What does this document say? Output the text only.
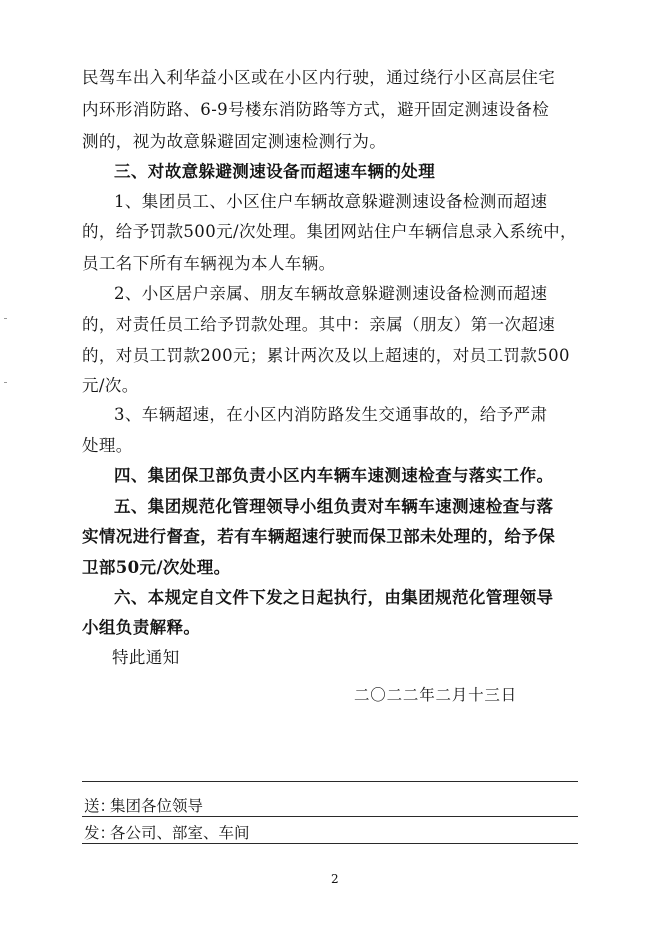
民驾车出入利华益小区或在小区内行驶，通过绕行小区高层住宅
内环形消防路、6-9号楼东消防路等方式，避开固定测速设备检
测的，视为故意躲避固定测速检测行为。
三、对故意躲避测速设备而超速车辆的处理
1、集团员工、小区住户车辆故意躲避测速设备检测而超速
的，给予罚款500元/次处理。集团网站住户车辆信息录入系统中，
员工名下所有车辆视为本人车辆。
2、小区居户亲属、朋友车辆故意躲避测速设备检测而超速
的，对责任员工给予罚款处理。其中：亲属（朋友）第一次超速
的，对员工罚款200元；累计两次及以上超速的，对员工罚款500
元/次。
3、车辆超速，在小区内消防路发生交通事故的，给予严肃
处理。
四、集团保卫部负责小区内车辆车速测速检查与落实工作。
五、集团规范化管理领导小组负责对车辆车速测速检查与落
实情况进行督查，若有车辆超速行驶而保卫部未处理的，给予保
卫部50元/次处理。
六、本规定自文件下发之日起执行，由集团规范化管理领导
小组负责解释。
特此通知
二〇二二年二月十三日
送：
集团各位领导
发：
各公司、部室、车间
2
